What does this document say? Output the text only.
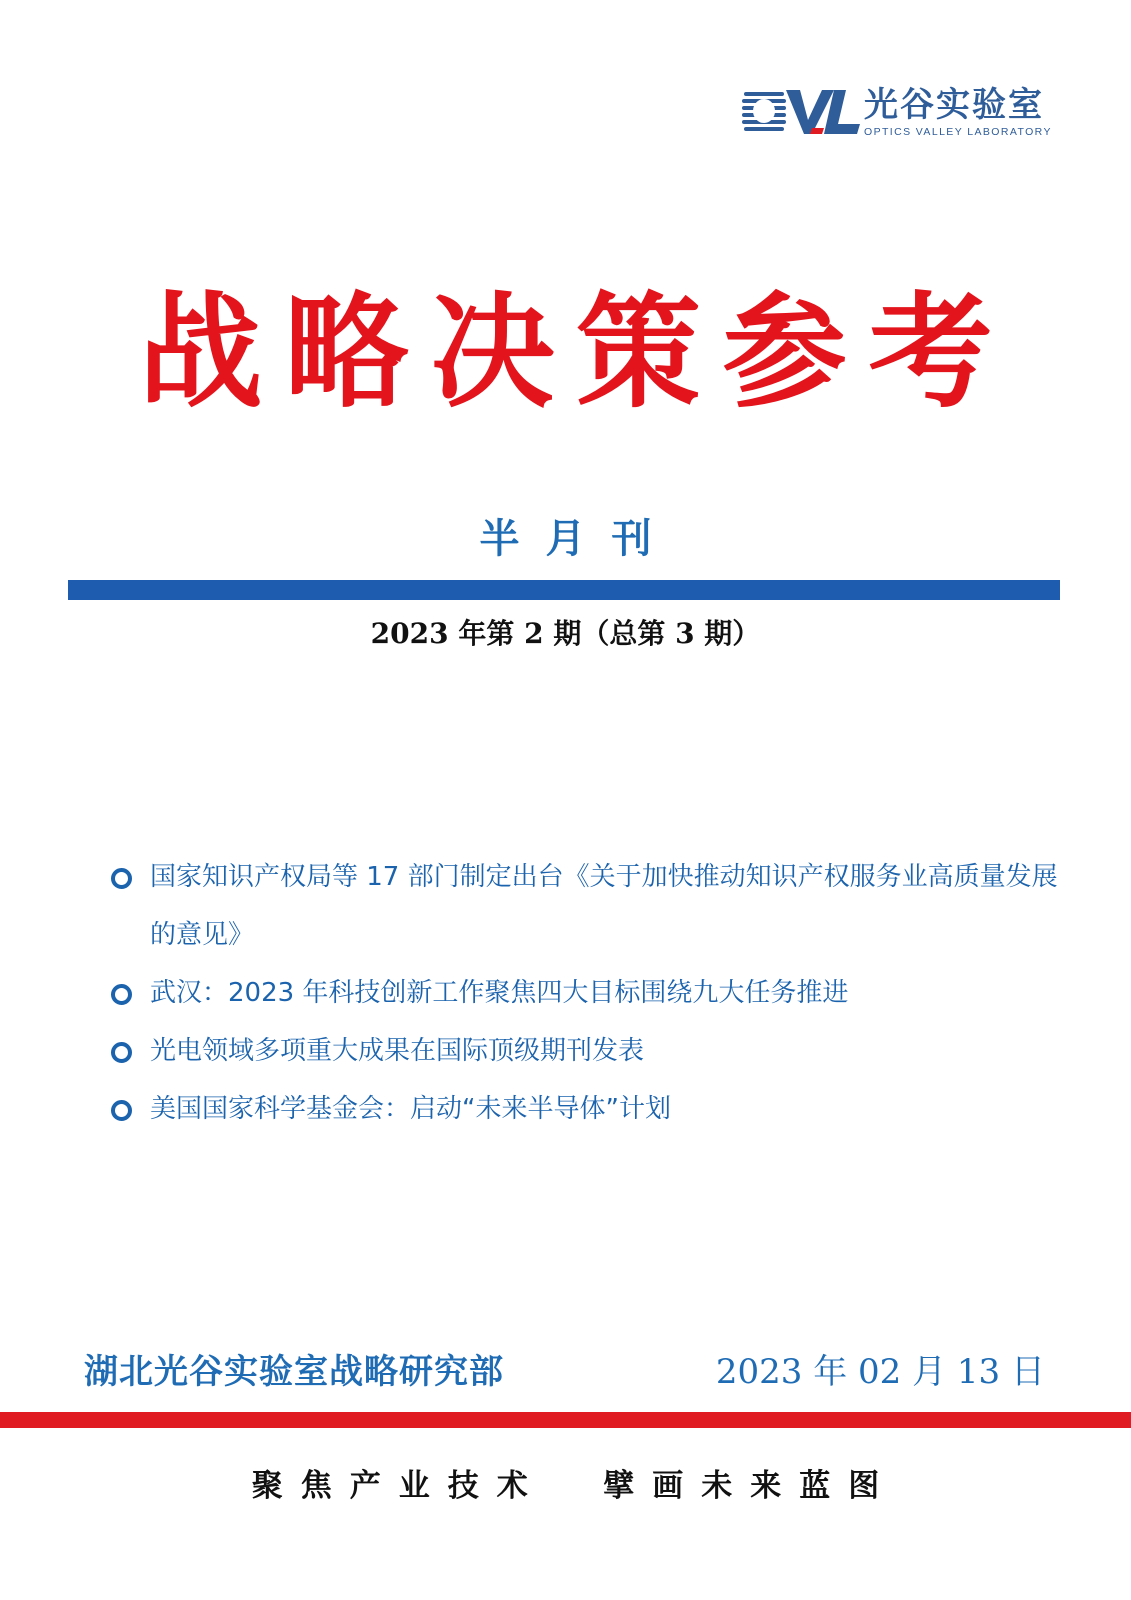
光谷实验室
OPTICS VALLEY LABORATORY
战略决策参考
半月刊
2023 年第 2 期（总第 3 期）
国家知识产权局等 17 部门制定出台《关于加快推动知识产权服务业高质量发展的意见》
武汉：2023 年科技创新工作聚焦四大目标围绕九大任务推进
光电领域多项重大成果在国际顶级期刊发表
美国国家科学基金会：启动“未来半导体”计划
湖北光谷实验室战略研究部	2023 年 02 月 13 日
聚焦产业技术  擘画未来蓝图
